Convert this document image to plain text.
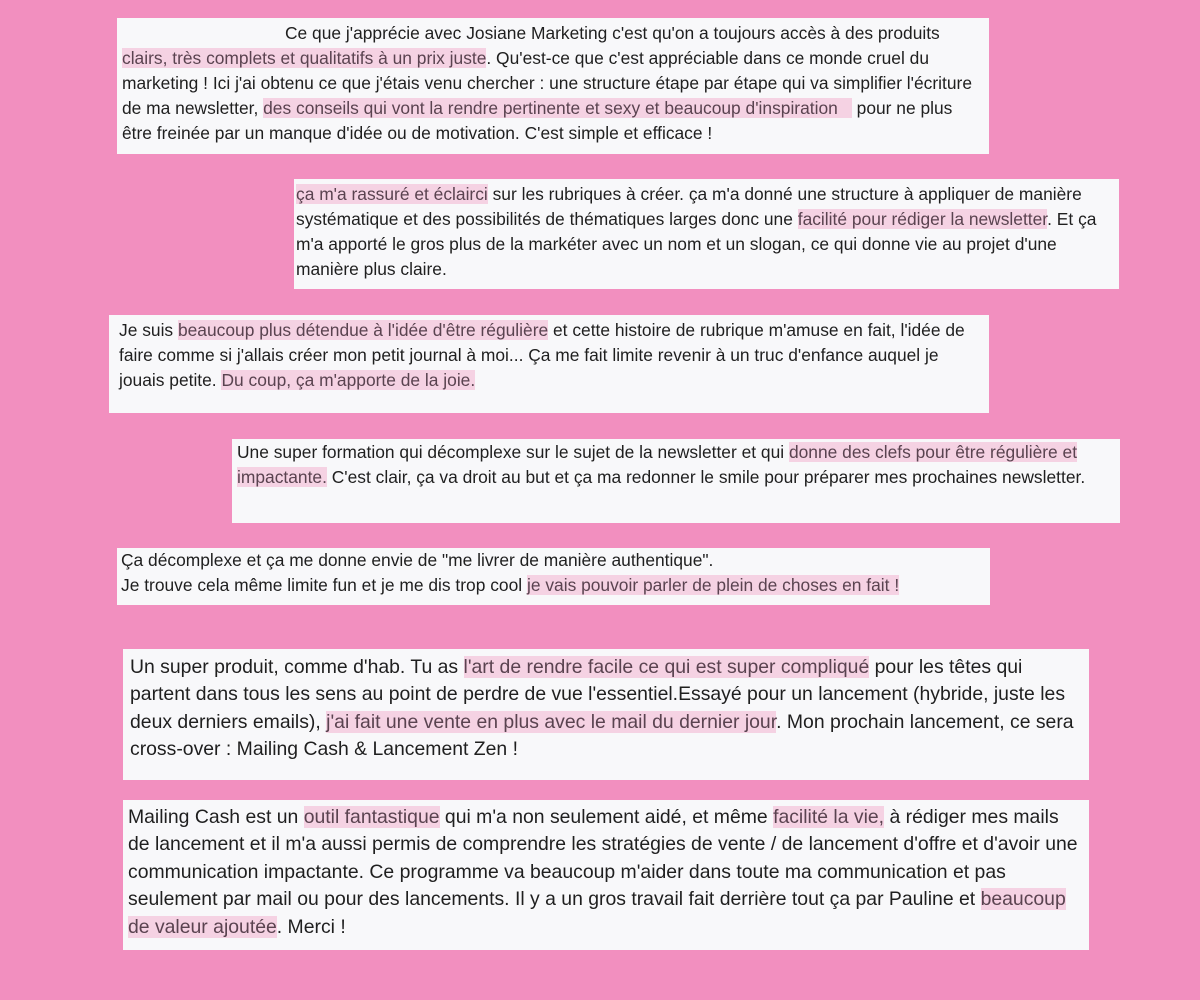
Ce que j'apprécie avec Josiane Marketing c'est qu'on a toujours accès à des produits clairs, très complets et qualitatifs à un prix juste. Qu'est-ce que c'est appréciable dans ce monde cruel du marketing ! Ici j'ai obtenu ce que j'étais venu chercher : une structure étape par étape qui va simplifier l'écriture de ma newsletter, des conseils qui vont la rendre pertinente et sexy et beaucoup d'inspiration pour ne plus être freinée par un manque d'idée ou de motivation. C'est simple et efficace !

ça m'a rassuré et éclairci sur les rubriques à créer. ça m'a donné une structure à appliquer de manière systématique et des possibilités de thématiques larges donc une facilité pour rédiger la newsletter. Et ça m'a apporté le gros plus de la markéter avec un nom et un slogan, ce qui donne vie au projet d'une manière plus claire.

Je suis beaucoup plus détendue à l'idée d'être régulière et cette histoire de rubrique m'amuse en fait, l'idée de faire comme si j'allais créer mon petit journal à moi... Ça me fait limite revenir à un truc d'enfance auquel je jouais petite. Du coup, ça m'apporte de la joie.

Une super formation qui décomplexe sur le sujet de la newsletter et qui donne des clefs pour être régulière et impactante. C'est clair, ça va droit au but et ça ma redonner le smile pour préparer mes prochaines newsletter.

Ça décomplexe et ça me donne envie de "me livrer de manière authentique".

Je trouve cela même limite fun et je me dis trop cool je vais pouvoir parler de plein de choses en fait !

Un super produit, comme d'hab. Tu as l'art de rendre facile ce qui est super compliqué pour les têtes qui partent dans tous les sens au point de perdre de vue l'essentiel.Essayé pour un lancement (hybride, juste les deux derniers emails), j'ai fait une vente en plus avec le mail du dernier jour. Mon prochain lancement, ce sera cross-over : Mailing Cash & Lancement Zen !

Mailing Cash est un outil fantastique qui m'a non seulement aidé, et même facilité la vie, à rédiger mes mails de lancement et il m'a aussi permis de comprendre les stratégies de vente / de lancement d'offre et d'avoir une communication impactante. Ce programme va beaucoup m'aider dans toute ma communication et pas seulement par mail ou pour des lancements. Il y a un gros travail fait derrière tout ça par Pauline et beaucoup de valeur ajoutée. Merci !
